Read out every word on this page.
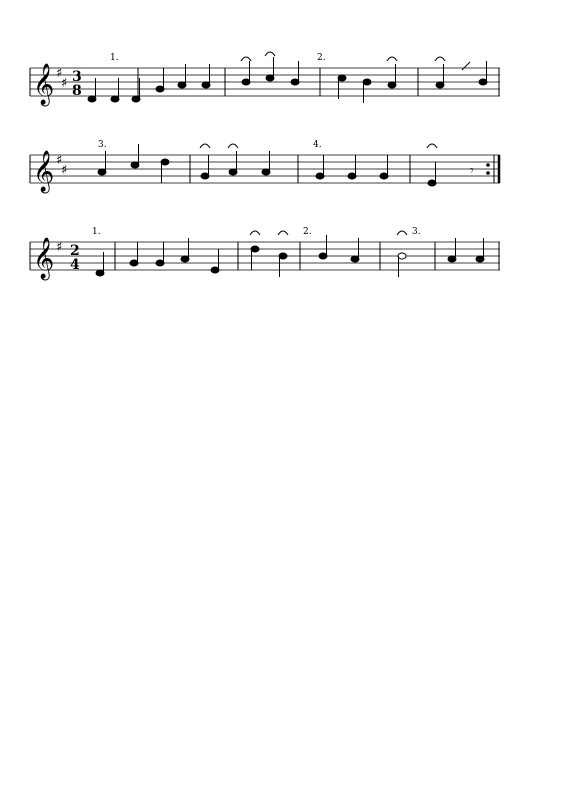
𝄞 ♯
♯ 3
8
1.	2.
𝄞 ♯
♯
3.	4.
𝄾
𝄞 ♯ 2
4
1.	2.	3.
